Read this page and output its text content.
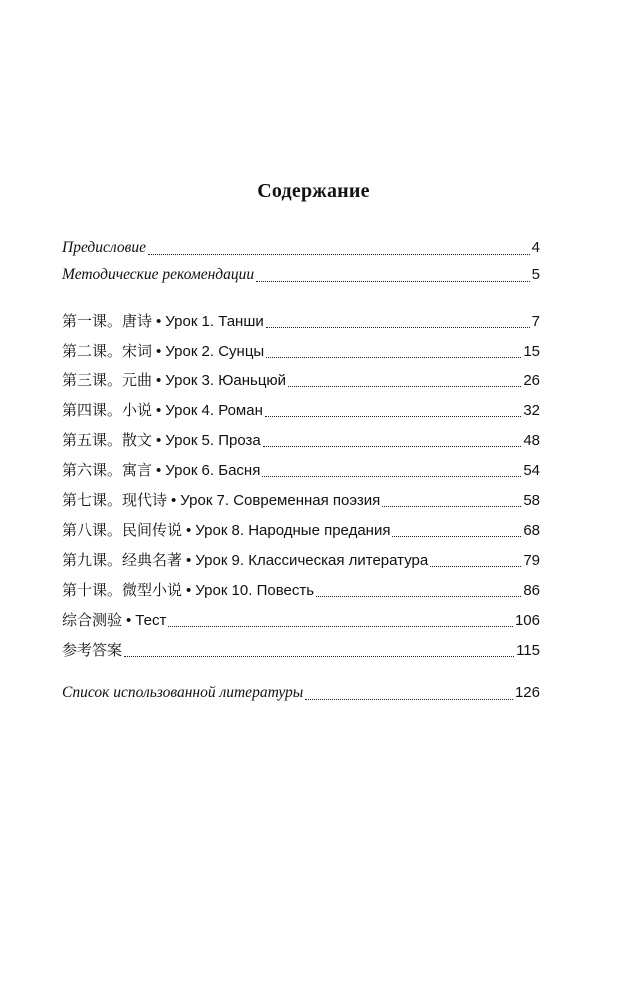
Содержание
Предисловие	4
Методические рекомендации	5
第一课。唐诗 • Урок 1. Танши	7
第二课。宋词 • Урок 2. Сунцы	15
第三课。元曲 • Урок 3. Юаньцюй	26
第四课。小说 • Урок 4. Роман	32
第五课。散文 • Урок 5. Проза	48
第六课。寓言 • Урок 6. Басня	54
第七课。现代诗 • Урок 7. Современная поэзия	58
第八课。民间传说 • Урок 8. Народные предания	68
第九课。经典名著 • Урок 9. Классическая литература	79
第十课。微型小说 • Урок 10. Повесть	86
综合测验 • Тест	106
参考答案	115
Список использованной литературы	126
